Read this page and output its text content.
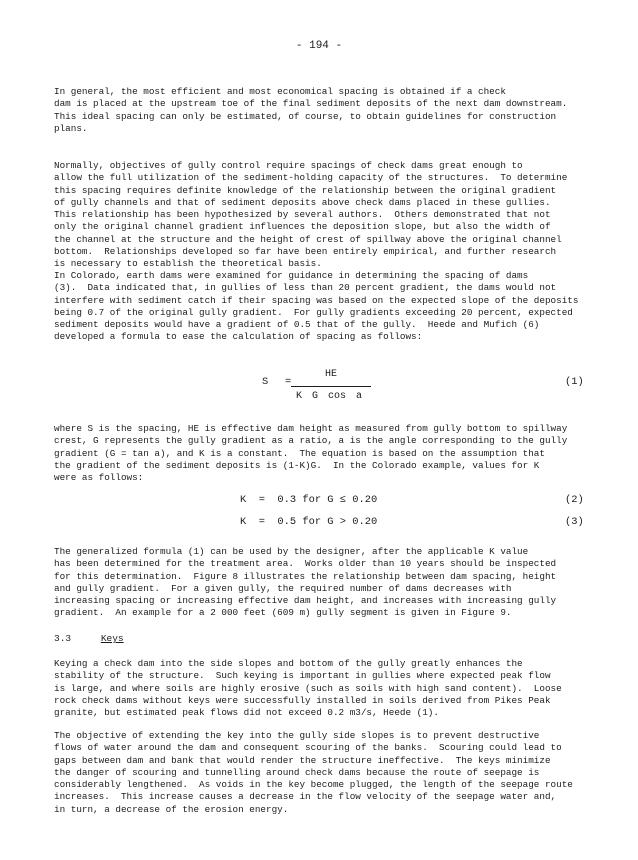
- 194 -
In general, the most efficient and most economical spacing is obtained if a check
dam is placed at the upstream toe of the final sediment deposits of the next dam downstream.
This ideal spacing can only be estimated, of course, to obtain guidelines for construction
plans.
Normally, objectives of gully control require spacings of check dams great enough to
allow the full utilization of the sediment-holding capacity of the structures.  To determine
this spacing requires definite knowledge of the relationship between the original gradient
of gully channels and that of sediment deposits above check dams placed in these gullies.
This relationship has been hypothesized by several authors.  Others demonstrated that not
only the original channel gradient influences the deposition slope, but also the width of
the channel at the structure and the height of crest of spillway above the original channel
bottom.  Relationships developed so far have been entirely empirical, and further research
is necessary to establish the theoretical basis.
In Colorado, earth dams were examined for guidance in determining the spacing of dams
(3).  Data indicated that, in gullies of less than 20 percent gradient, the dams would not
interfere with sediment catch if their spacing was based on the expected slope of the deposits
being 0.7 of the original gully gradient.  For gully gradients exceeding 20 percent, expected
sediment deposits would have a gradient of 0.5 that of the gully.  Heede and Mufich (6)
developed a formula to ease the calculation of spacing as follows:
S =
HE
K G cos a
(1)
where S is the spacing, HE is effective dam height as measured from gully bottom to spillway
crest, G represents the gully gradient as a ratio, a is the angle corresponding to the gully
gradient (G = tan a), and K is a constant.  The equation is based on the assumption that
the gradient of the sediment deposits is (1-K)G.  In the Colorado example, values for K
were as follows:
K  =  0.3 for G ≤ 0.20	(2)
K  =  0.5 for G > 0.20	(3)
The generalized formula (1) can be used by the designer, after the applicable K value
has been determined for the treatment area.  Works older than 10 years should be inspected
for this determination.  Figure 8 illustrates the relationship between dam spacing, height
and gully gradient.  For a given gully, the required number of dams decreases with
increasing spacing or increasing effective dam height, and increases with increasing gully
gradient.  An example for a 2 000 feet (609 m) gully segment is given in Figure 9.
3.3	Keys
Keying a check dam into the side slopes and bottom of the gully greatly enhances the
stability of the structure.  Such keying is important in gullies where expected peak flow
is large, and where soils are highly erosive (such as soils with high sand content).  Loose
rock check dams without keys were successfully installed in soils derived from Pikes Peak
granite, but estimated peak flows did not exceed 0.2 m3/s, Heede (1).
The objective of extending the key into the gully side slopes is to prevent destructive
flows of water around the dam and consequent scouring of the banks.  Scouring could lead to
gaps between dam and bank that would render the structure ineffective.  The keys minimize
the danger of scouring and tunnelling around check dams because the route of seepage is
considerably lengthened.  As voids in the key become plugged, the length of the seepage route
increases.  This increase causes a decrease in the flow velocity of the seepage water and,
in turn, a decrease of the erosion energy.
